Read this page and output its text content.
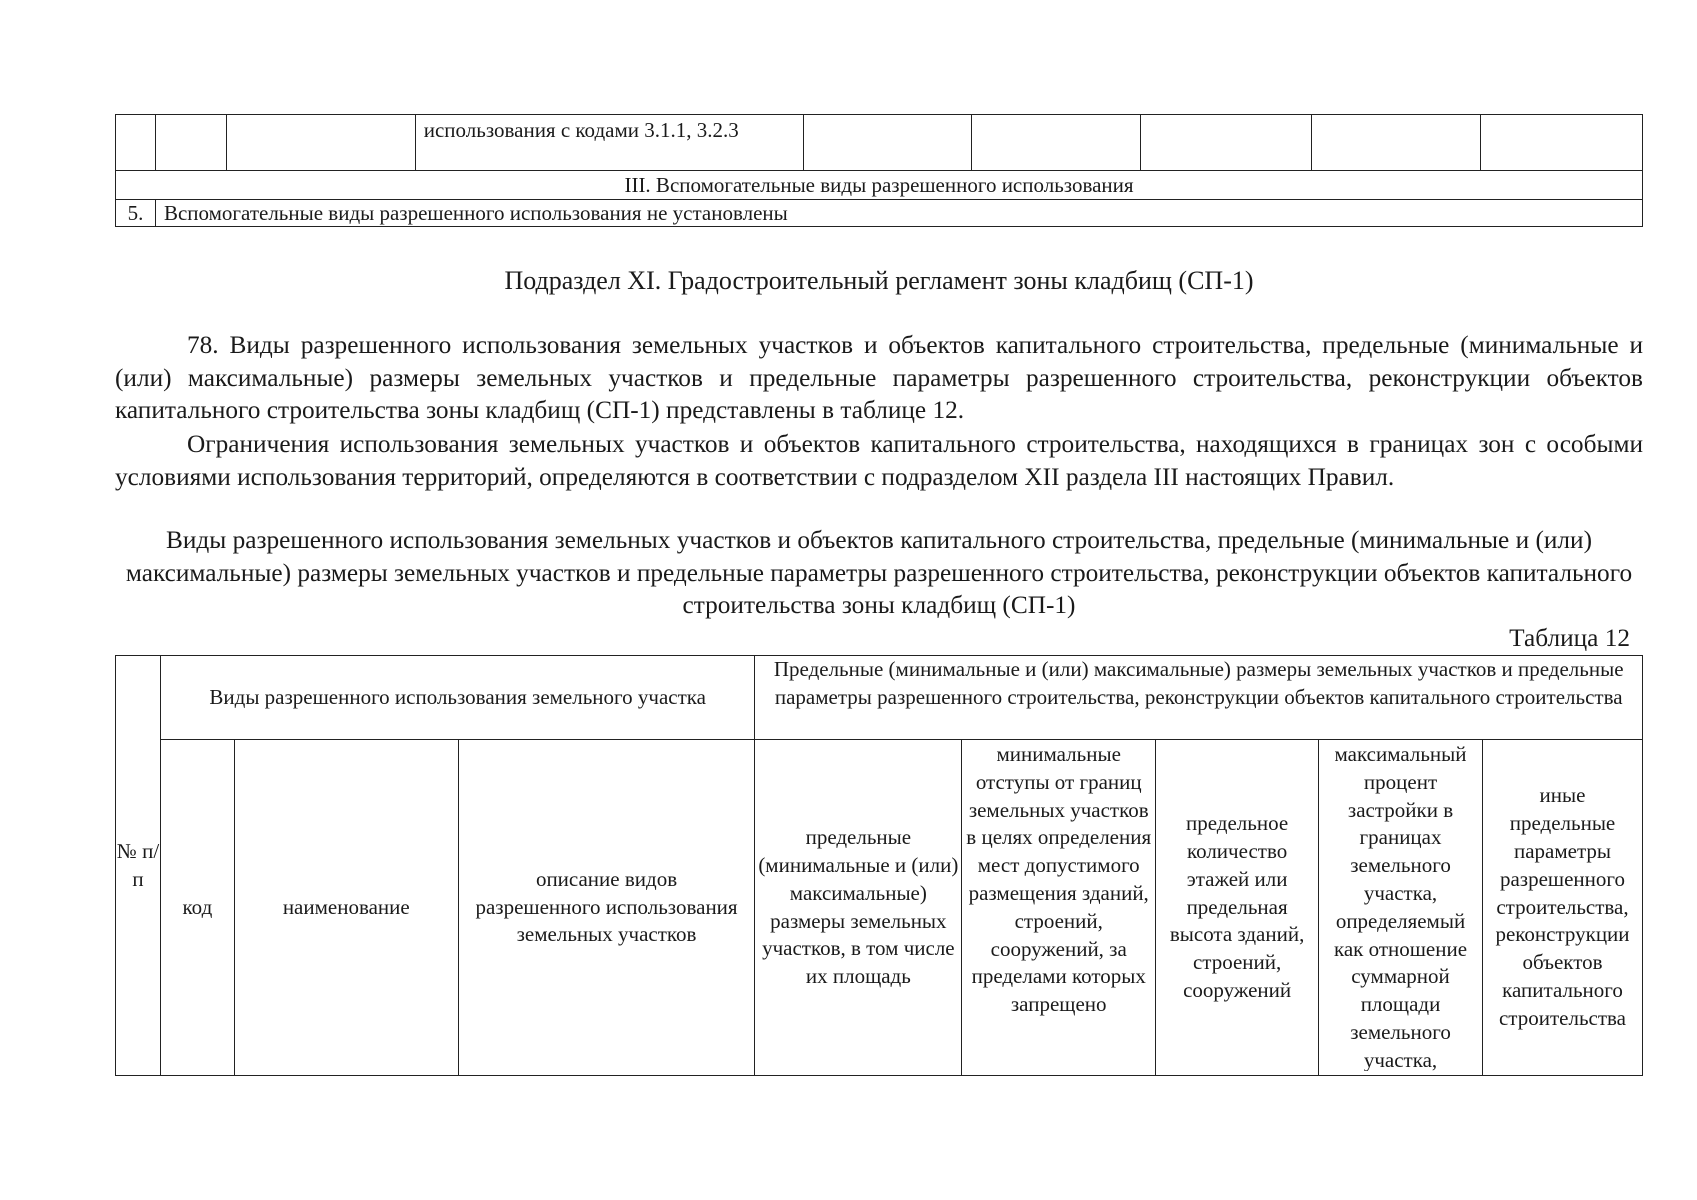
			использования с кодами 3.1.1, 3.2.3					
III. Вспомогательные виды разрешенного использования								
5.	Вспомогательные виды разрешенного использования не установлены							
Подраздел XI. Градостроительный регламент зоны кладбищ (СП-1)
78. Виды разрешенного использования земельных участков и объектов капитального строительства, предельные (минимальные и (или) максимальные) размеры земельных участков и предельные параметры разрешенного строительства, реконструкции объектов капитального строительства зоны кладбищ (СП-1) представлены в таблице 12.
Ограничения использования земельных участков и объектов капитального строительства, находящихся в границах зон с особыми условиями использования территорий, определяются в соответствии с подразделом XII раздела III настоящих Правил.
Виды разрешенного использования земельных участков и объектов капитального строительства, предельные (минимальные и (или) максимальные) размеры земельных участков и предельные параметры разрешенного строительства, реконструкции объектов капитального строительства зоны кладбищ (СП-1)
Таблица 12
№ п/п	Виды разрешенного использования земельного участка			Предельные (минимальные и (или) максимальные) размеры земельных участков и предельные параметры разрешенного строительства, реконструкции объектов капитального строительства				
	код	наименование	описание видов разрешенного использования земельных участков	предельные (минимальные и (или) максимальные) размеры земельных участков, в том числе их площадь	минимальные отступы от границ земельных участков в целях определения мест допустимого размещения зданий, строений, сооружений, за пределами которых запрещено	предельное количество этажей или предельная высота зданий, строений, сооружений	максимальный процент застройки в границах земельного участка, определяемый как отношение суммарной площади земельного участка,	иные предельные параметры разрешенного строительства, реконструкции объектов капитального строительства
